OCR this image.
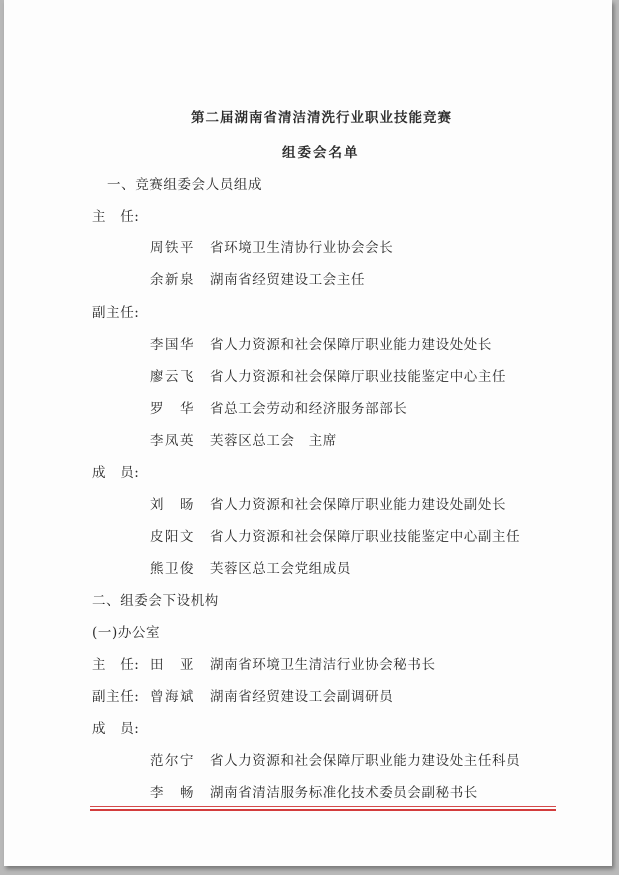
第二届湖南省清洁清洗行业职业技能竞赛
组委会名单
一、竞赛组委会人员组成
主　任:
周铁平 省环境卫生清协行业协会会长
余新泉 湖南省经贸建设工会主任
副主任:
李国华 省人力资源和社会保障厅职业能力建设处处长
廖云飞 省人力资源和社会保障厅职业技能鉴定中心主任
罗　华 省总工会劳动和经济服务部部长
李凤英 芙蓉区总工会　主席
成　员:
刘　旸 省人力资源和社会保障厅职业能力建设处副处长
皮阳文 省人力资源和社会保障厅职业技能鉴定中心副主任
熊卫俊 芙蓉区总工会党组成员
二、组委会下设机构
(一)办公室
主　任: 田　亚 湖南省环境卫生清洁行业协会秘书长
副主任: 曾海斌 湖南省经贸建设工会副调研员
成　员:
范尔宁 省人力资源和社会保障厅职业能力建设处主任科员
李　畅 湖南省清洁服务标准化技术委员会副秘书长
